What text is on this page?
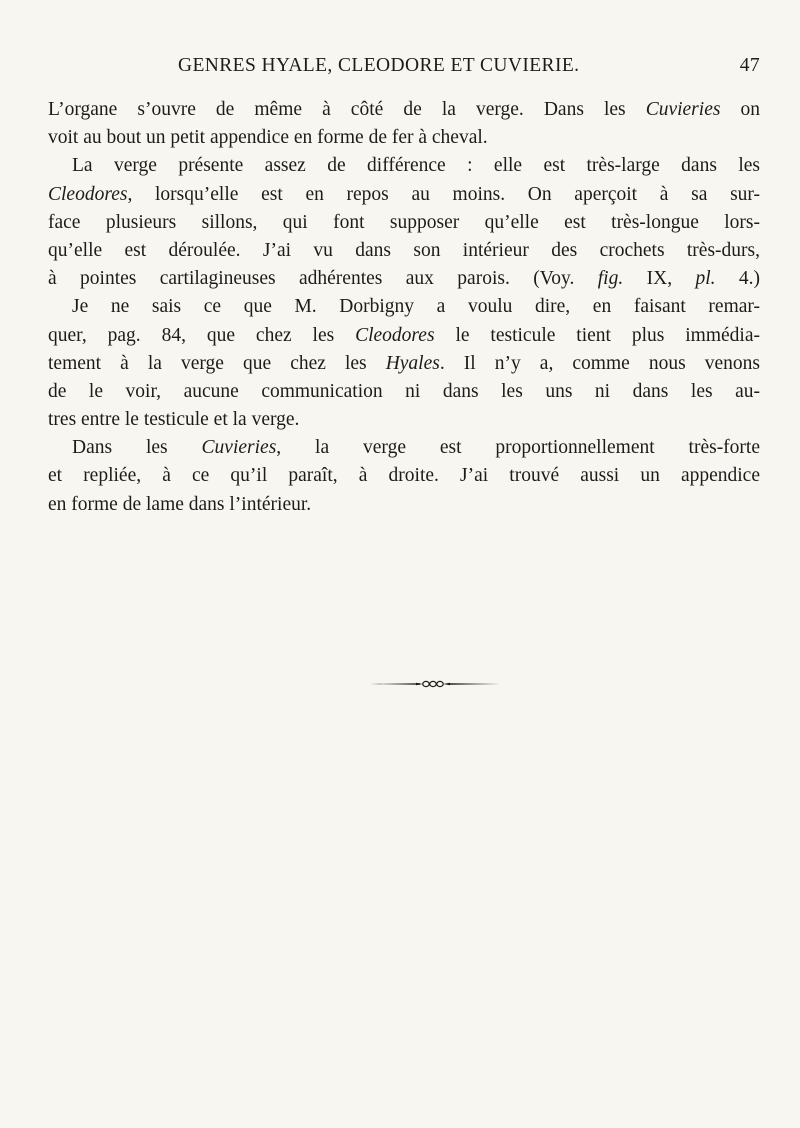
GENRES HYALE, CLEODORE ET CUVIERIE.	47
L’organe s’ouvre de même à côté de la verge. Dans les Cuvieries on
voit au bout un petit appendice en forme de fer à cheval.
La verge présente assez de différence : elle est très-large dans les
Cleodores, lorsqu’elle est en repos au moins. On aperçoit à sa sur-
face plusieurs sillons, qui font supposer qu’elle est très-longue lors-
qu’elle est déroulée. J’ai vu dans son intérieur des crochets très-durs,
à pointes cartilagineuses adhérentes aux parois. (Voy. fig. IX, pl. 4.)
Je ne sais ce que M. Dorbigny a voulu dire, en faisant remar-
quer, pag. 84, que chez les Cleodores le testicule tient plus immédia-
tement à la verge que chez les Hyales. Il n’y a, comme nous venons
de le voir, aucune communication ni dans les uns ni dans les au-
tres entre le testicule et la verge.
Dans les Cuvieries, la verge est proportionnellement très-forte
et repliée, à ce qu’il paraît, à droite. J’ai trouvé aussi un appendice
en forme de lame dans l’intérieur.
